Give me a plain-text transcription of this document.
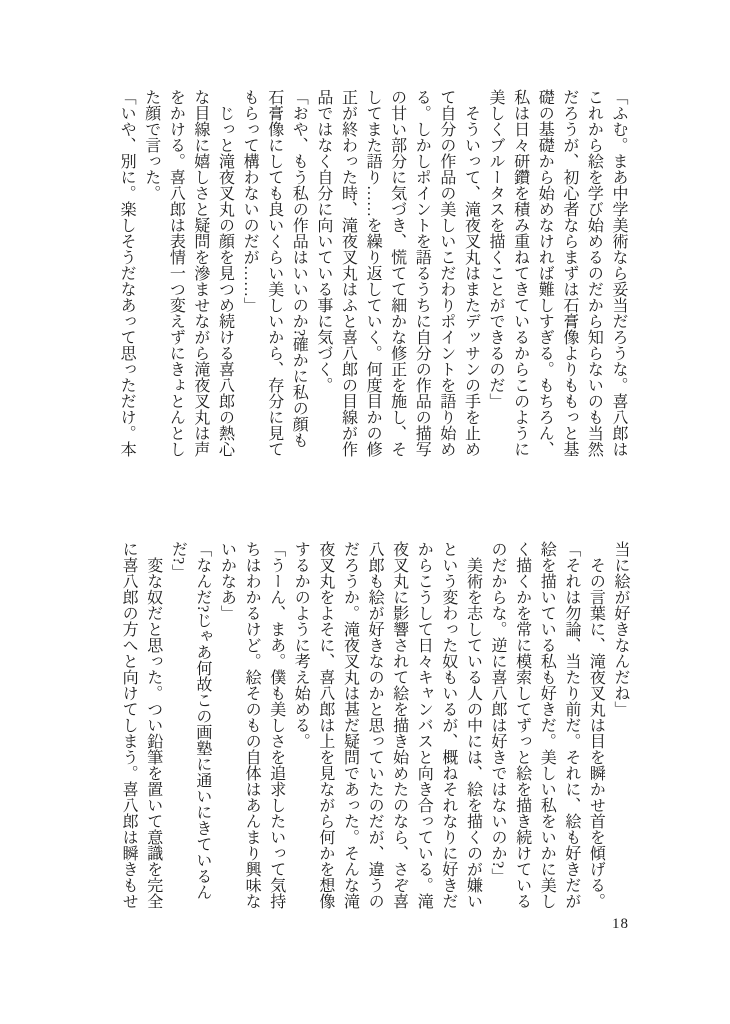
「ふむ。まあ中学美術なら妥当だろうな。喜八郎はこれから絵を学び始めるのだから知らないのも当然だろうが、初心者ならまずは石膏像よりももっと基礎の基礎から始めなければ難しすぎる。もちろん、私は日々研鑽を積み重ねてきているからこのように美しくブルータスを描くことができるのだ」

　そういって、滝夜叉丸はまたデッサンの手を止めて自分の作品の美しいこだわりポイントを語り始める。しかしポイントを語るうちに自分の作品の描写の甘い部分に気づき、慌てて細かな修正を施し、そしてまた語り……を繰り返していく。何度目かの修正が終わった時、滝夜叉丸はふと喜八郎の目線が作品ではなく自分に向いている事に気づく。

「おや、もう私の作品はいいのか?確かに私の顔も石膏像にしても良いくらい美しいから、存分に見てもらって構わないのだが……」

　じっと滝夜叉丸の顔を見つめ続ける喜八郎の熱心な目線に嬉しさと疑問を滲ませながら滝夜叉丸は声をかける。喜八郎は表情一つ変えずにきょとんとした顔で言った。

「いや、別に。楽しそうだなあって思っただけ。本

当に絵が好きなんだね」

　その言葉に、滝夜叉丸は目を瞬かせ首を傾げる。

「それは勿論、当たり前だ。それに、絵も好きだが絵を描いている私も好きだ。美しい私をいかに美しく描くかを常に模索してずっと絵を描き続けているのだからな。逆に喜八郎は好きではないのか?」

　美術を志している人の中には、絵を描くのが嫌いという変わった奴もいるが、概ねそれなりに好きだからこうして日々キャンバスと向き合っている。滝夜叉丸に影響されて絵を描き始めたのなら、さぞ喜八郎も絵が好きなのかと思っていたのだが、違うのだろうか。滝夜叉丸は甚だ疑問であった。そんな滝夜叉丸をよそに、喜八郎は上を見ながら何かを想像するかのように考え始める。

「うーん、まあ。僕も美しさを追求したいって気持ちはわかるけど。絵そのもの自体はあんまり興味ないかなあ」

「なんだ?じゃあ何故この画塾に通いにきているんだ?」

　変な奴だと思った。つい鉛筆を置いて意識を完全に喜八郎の方へと向けてしまう。喜八郎は瞬きもせ

18
